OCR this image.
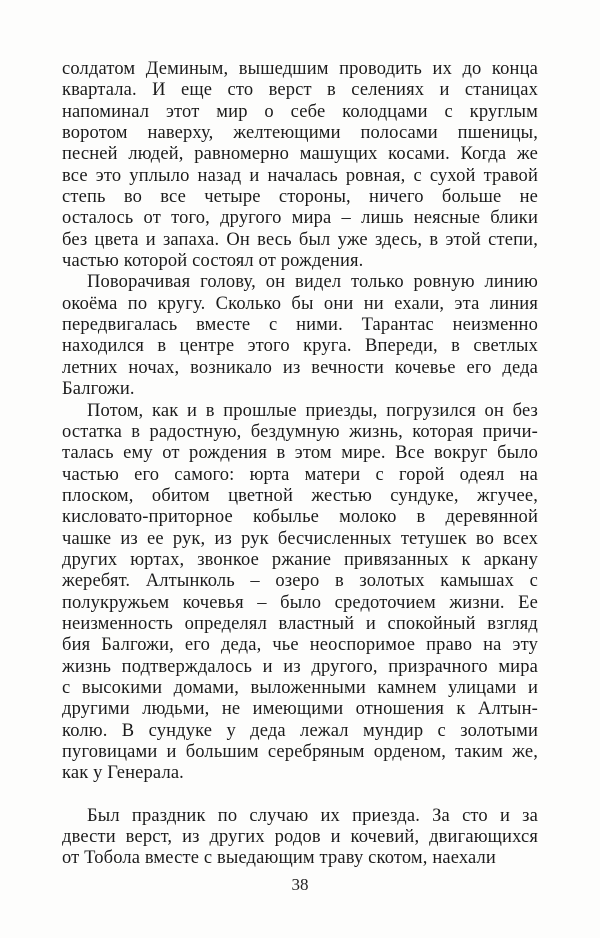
солдатом Деминым, вышедшим проводить их до конца
квартала. И еще сто верст в селениях и станицах
напоминал этот мир о себе колодцами с круглым
воротом наверху, желтеющими полосами пшеницы,
песней людей, равномерно машущих косами. Когда же
все это уплыло назад и началась ровная, с сухой травой
степь во все четыре стороны, ничего больше не
осталось от того, другого мира – лишь неясные блики
без цвета и запаха. Он весь был уже здесь, в этой степи,
частью которой состоял от рождения.
Поворачивая голову, он видел только ровную линию
окоёма по кругу. Сколько бы они ни ехали, эта линия
передвигалась вместе с ними. Тарантас неизменно
находился в центре этого круга. Впереди, в светлых
летних ночах, возникало из вечности кочевье его деда
Балгожи.
Потом, как и в прошлые приезды, погрузился он без
остатка в радостную, бездумную жизнь, которая причи-
талась ему от рождения в этом мире. Все вокруг было
частью его самого: юрта матери с горой одеял на
плоском, обитом цветной жестью сундуке, жгучее,
кисловато-приторное кобылье молоко в деревянной
чашке из ее рук, из рук бесчисленных тетушек во всех
других юртах, звонкое ржание привязанных к аркану
жеребят. Алтынколь – озеро в золотых камышах с
полукружьем кочевья – было средоточием жизни. Ее
неизменность определял властный и спокойный взгляд
бия Балгожи, его деда, чье неоспоримое право на эту
жизнь подтверждалось и из другого, призрачного мира
с высокими домами, выложенными камнем улицами и
другими людьми, не имеющими отношения к Алтын-
колю. В сундуке у деда лежал мундир с золотыми
пуговицами и большим серебряным орденом, таким же,
как у Генерала.
Был праздник по случаю их приезда. За сто и за
двести верст, из других родов и кочевий, двигающихся
от Тобола вместе с выедающим траву скотом, наехали
38
